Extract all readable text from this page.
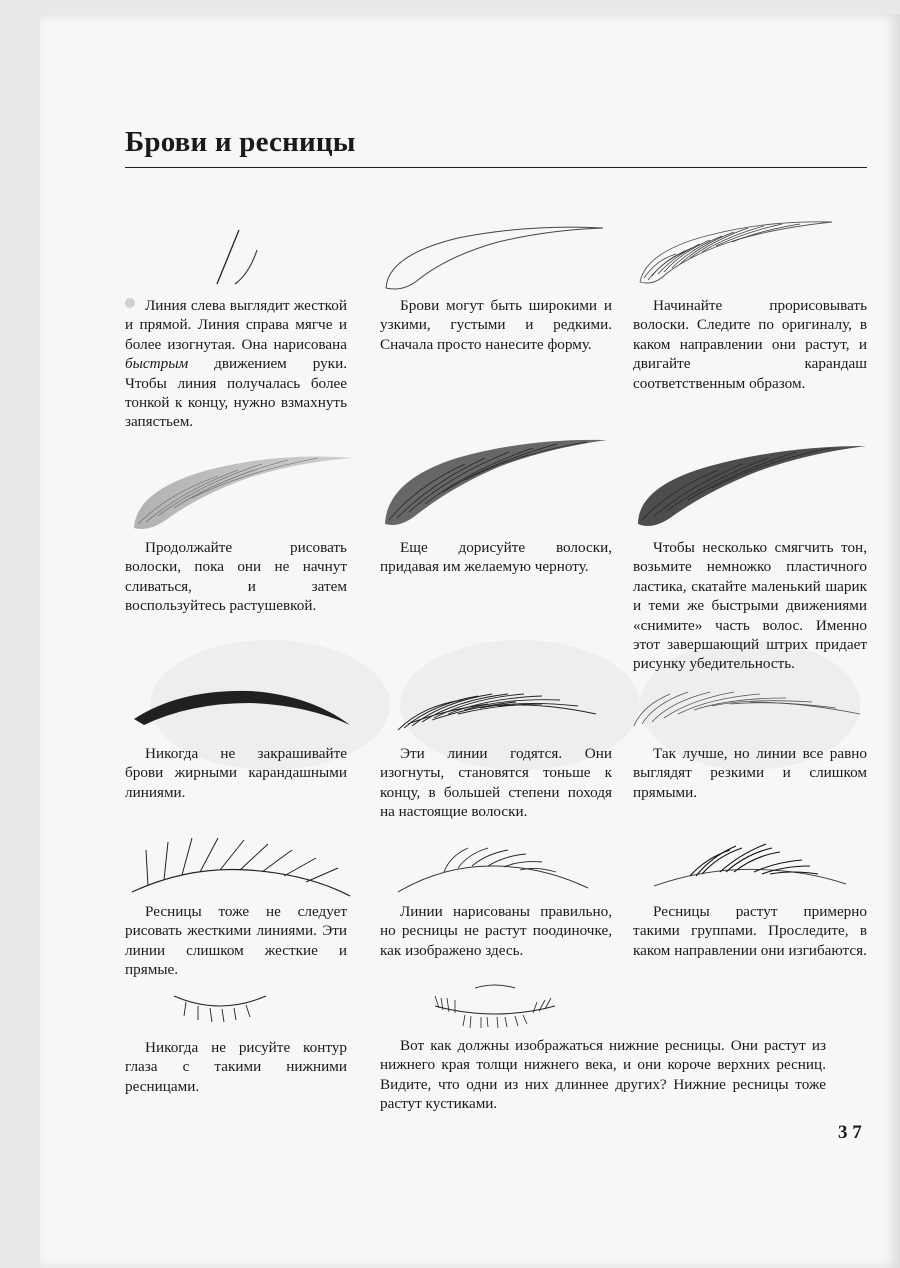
Брови и ресницы
Линия слева выглядит жесткой и прямой. Линия справа мягче и более изогнутая. Она нарисована быстрым движением руки. Чтобы линия получалась более тонкой к концу, нужно взмахнуть запястьем.
Брови могут быть широкими и узкими, густыми и редкими. Сначала просто нанесите форму.
Начинайте прорисовывать волоски. Следите по оригиналу, в каком направлении они растут, и двигайте карандаш соответственным образом.
Продолжайте рисовать волоски, пока они не начнут сливаться, и затем воспользуйтесь растушевкой.
Еще дорисуйте волоски, придавая им желаемую черноту.
Чтобы несколько смягчить тон, возьмите немножко пластичного ластика, скатайте маленький шарик и теми же быстрыми движениями «снимите» часть волос. Именно этот завершающий штрих придает рисунку убедительность.
Никогда не закрашивайте брови жирными карандашными линиями.
Эти линии годятся. Они изогнуты, становятся тоньше к концу, в большей степени походя на настоящие волоски.
Так лучше, но линии все равно выглядят резкими и слишком прямыми.
Ресницы тоже не следует рисовать жесткими линиями. Эти линии слишком жесткие и прямые.
Линии нарисованы правильно, но ресницы не растут поодиночке, как изображено здесь.
Ресницы растут примерно такими группами. Проследите, в каком направлении они изгибаются.
Никогда не рисуйте контур глаза с такими нижними ресницами.
Вот как должны изображаться нижние ресницы. Они растут из нижнего края толщи нижнего века, и они короче верхних ресниц. Видите, что одни из них длиннее других? Нижние ресницы тоже растут кустиками.
3 7
